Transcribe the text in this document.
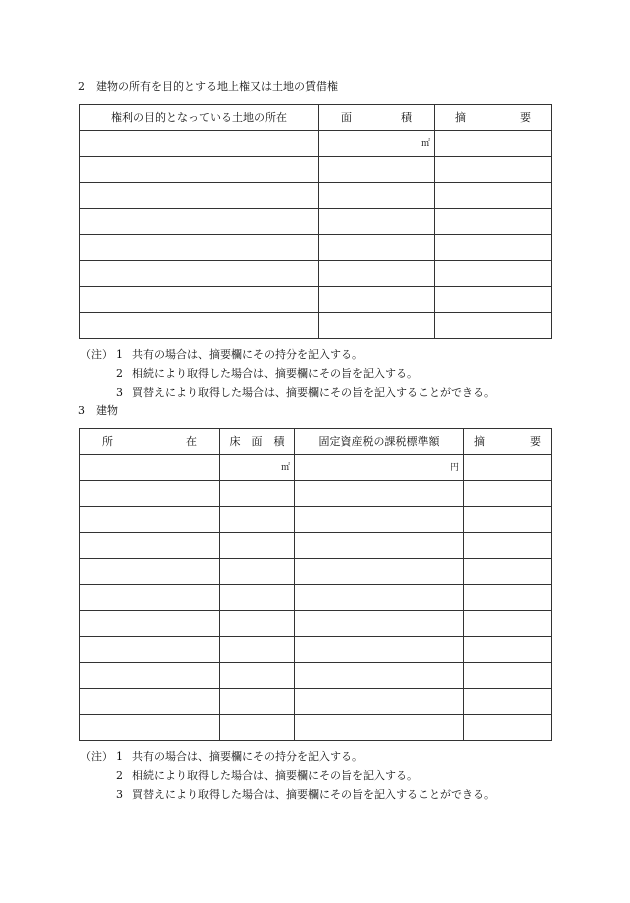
2　建物の所有を目的とする地上権又は土地の賃借権
権利の目的となっている土地の所在	面 積	摘 要

	㎡	

（注） 1 共有の場合は、摘要欄にその持分を記入する。
2 相続により取得した場合は、摘要欄にその旨を記入する。
3 買替えにより取得した場合は、摘要欄にその旨を記入することができる。
3　建物
所 在	床　面　積	固定資産税の課税標準額	摘 要

	㎡	円	

（注） 1 共有の場合は、摘要欄にその持分を記入する。
2 相続により取得した場合は、摘要欄にその旨を記入する。
3 買替えにより取得した場合は、摘要欄にその旨を記入することができる。
